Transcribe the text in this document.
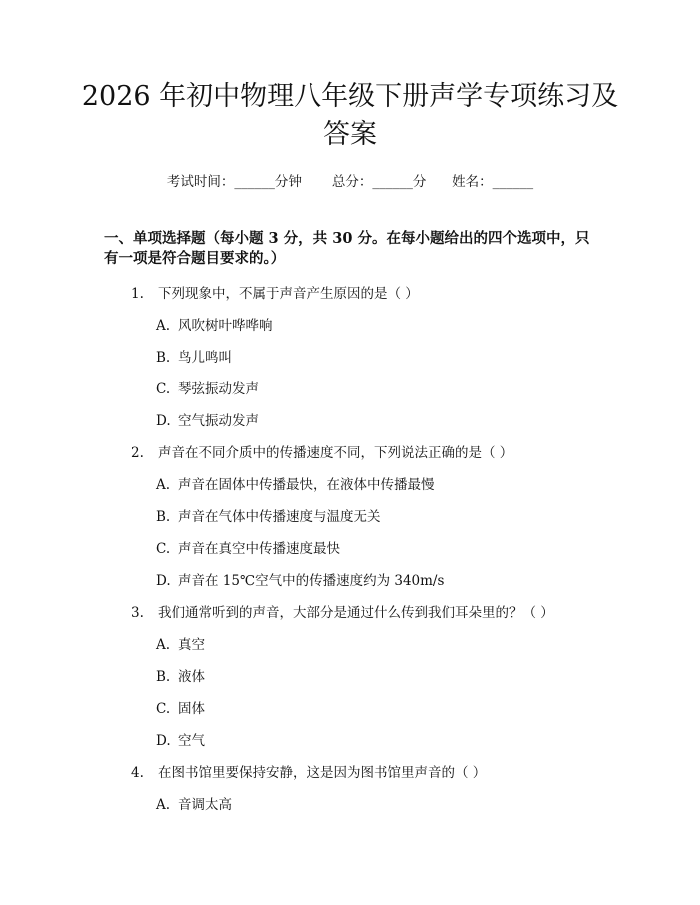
2026 年初中物理八年级下册声学专项练习及
答案
考试时间：______分钟 总分：______分 姓名：______
一、单项选择题（每小题 3 分，共 30 分。在每小题给出的四个选项中，只有一项是符合题目要求的。）
1. 下列现象中，不属于声音产生原因的是（ ）
A. 风吹树叶哗哗响
B. 鸟儿鸣叫
C. 琴弦振动发声
D. 空气振动发声
2. 声音在不同介质中的传播速度不同，下列说法正确的是（ ）
A. 声音在固体中传播最快，在液体中传播最慢
B. 声音在气体中传播速度与温度无关
C. 声音在真空中传播速度最快
D. 声音在 15℃空气中的传播速度约为 340m/s
3. 我们通常听到的声音，大部分是通过什么传到我们耳朵里的？（ ）
A. 真空
B. 液体
C. 固体
D. 空气
4. 在图书馆里要保持安静，这是因为图书馆里声音的（ ）
A. 音调太高
